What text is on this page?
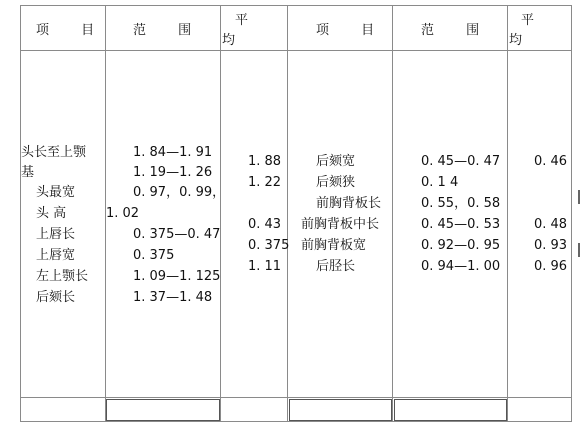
项 目 范 围
平
均
项 目	范 围
平
均
头长至上颚
基
头最宽
头 高
上唇长
上唇宽
左上颚长
后颏长
1. 84—1. 91
1. 19—1. 26
0. 97，0. 99，
1. 02
0. 375—0. 47
0. 375
1. 09—1. 125
1. 37—1. 48
1. 88
1. 22
0. 43
0. 375
1. 11
后颏宽
后颏狭
前胸背板长
前胸背板中长
前胸背板宽
后胫长
0. 45—0. 47
0. 1 4
0. 55，0. 58
0. 45—0. 53
0. 92—0. 95
0. 94—1. 00
0. 46
0. 48
0. 93
0. 96
